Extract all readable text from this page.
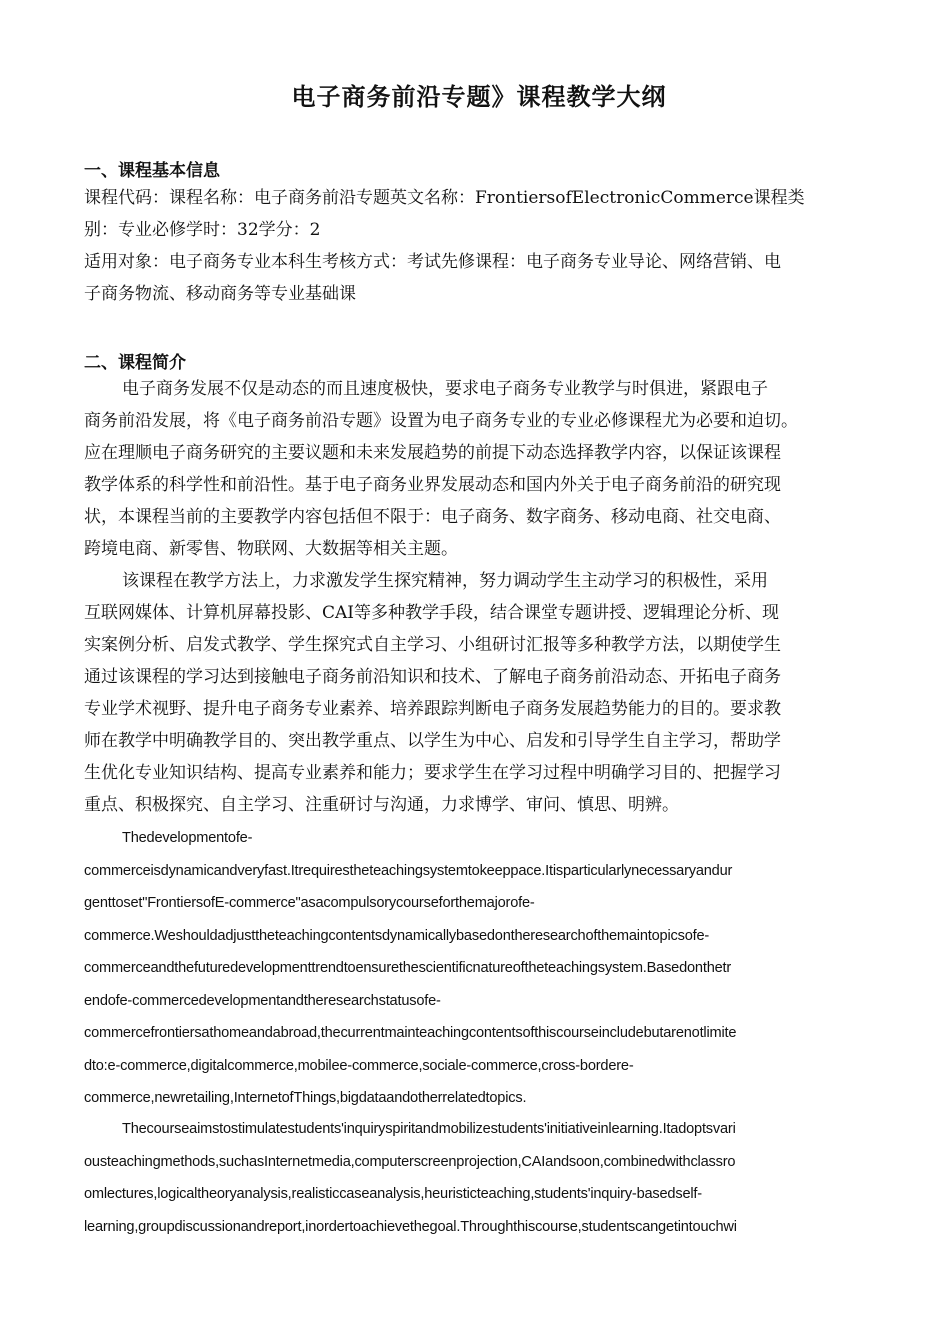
电子商务前沿专题》课程教学大纲
一、课程基本信息
课程代码：课程名称：电子商务前沿专题英文名称：FrontiersofElectronicCommerce课程类
别：专业必修学时：32学分：2
适用对象：电子商务专业本科生考核方式：考试先修课程：电子商务专业导论、网络营销、电
子商务物流、移动商务等专业基础课
二、课程简介
电子商务发展不仅是动态的而且速度极快，要求电子商务专业教学与时俱进，紧跟电子
商务前沿发展，将《电子商务前沿专题》设置为电子商务专业的专业必修课程尤为必要和迫切。
应在理顺电子商务研究的主要议题和未来发展趋势的前提下动态选择教学内容，以保证该课程
教学体系的科学性和前沿性。基于电子商务业界发展动态和国内外关于电子商务前沿的研究现
状，本课程当前的主要教学内容包括但不限于：电子商务、数字商务、移动电商、社交电商、
跨境电商、新零售、物联网、大数据等相关主题。
该课程在教学方法上，力求激发学生探究精神，努力调动学生主动学习的积极性，采用
互联网媒体、计算机屏幕投影、CAI等多种教学手段，结合课堂专题讲授、逻辑理论分析、现
实案例分析、启发式教学、学生探究式自主学习、小组研讨汇报等多种教学方法，以期使学生
通过该课程的学习达到接触电子商务前沿知识和技术、了解电子商务前沿动态、开拓电子商务
专业学术视野、提升电子商务专业素养、培养跟踪判断电子商务发展趋势能力的目的。要求教
师在教学中明确教学目的、突出教学重点、以学生为中心、启发和引导学生自主学习，帮助学
生优化专业知识结构、提高专业素养和能力；要求学生在学习过程中明确学习目的、把握学习
重点、积极探究、自主学习、注重研讨与沟通，力求博学、审问、慎思、明辨。
Thedevelopmentofe-
commerceisdynamicandveryfast.Itrequirestheteachingsystemtokeeppace.Itisparticularlynecessaryandur
genttoset"FrontiersofE-commerce"asacompulsorycourseforthemajorofe-
commerce.Weshouldadjusttheteachingcontentsdynamicallybasedontheresearchofthemaintopicsofe-
commerceandthefuturedevelopmenttrendtoensurethescientificnatureoftheteachingsystem.Basedonthetr
endofe-commercedevelopmentandtheresearchstatusofe-
commercefrontiersathomeandabroad,thecurrentmainteachingcontentsofthiscourseincludebutarenotlimite
dto:e-commerce,digitalcommerce,mobilee-commerce,sociale-commerce,cross-bordere-
commerce,newretailing,InternetofThings,bigdataandotherrelatedtopics.
Thecourseaimstostimulatestudents'inquiryspiritandmobilizestudents'initiativeinlearning.Itadoptsvari
ousteachingmethods,suchasInternetmedia,computerscreenprojection,CAIandsoon,combinedwithclassro
omlectures,logicaltheoryanalysis,realisticcaseanalysis,heuristicteaching,students'inquiry-basedself-
learning,groupdiscussionandreport,inordertoachievethegoal.Throughthiscourse,studentscangetintouchwi
